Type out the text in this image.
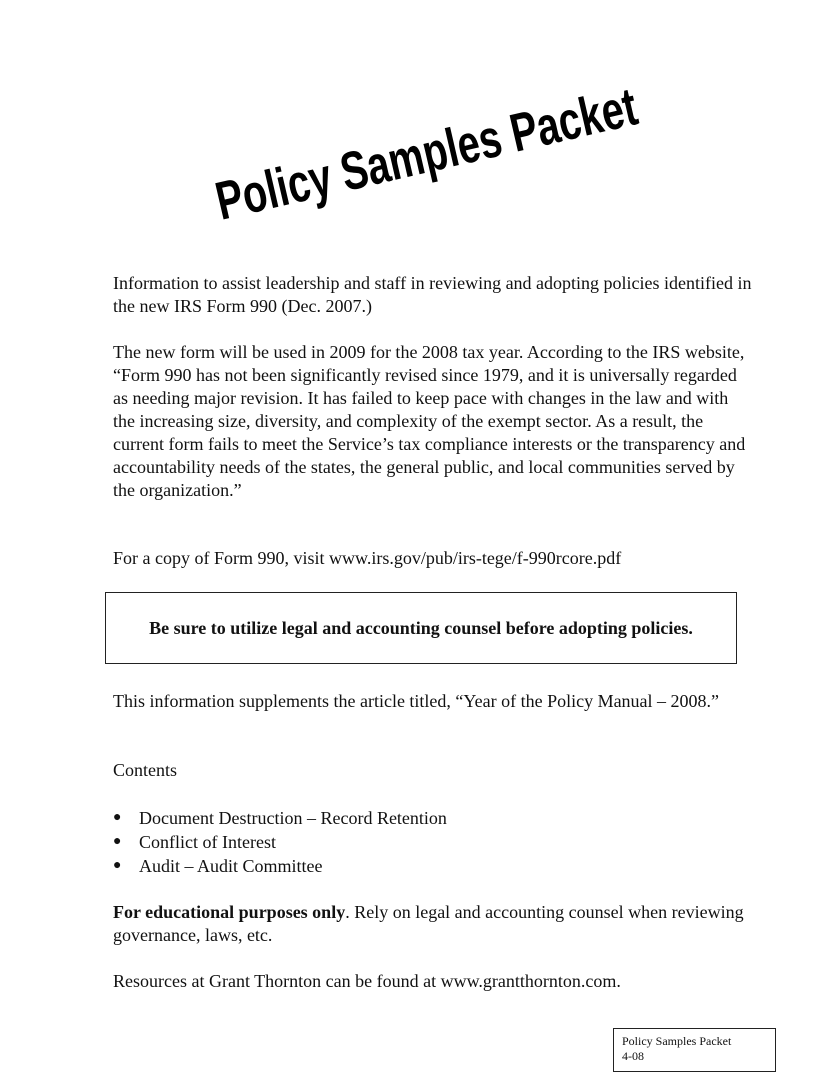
Policy Samples Packet

Information to assist leadership and staff in reviewing and adopting policies identified in the new IRS Form 990 (Dec. 2007.)

The new form will be used in 2009 for the 2008 tax year. According to the IRS website, “Form 990 has not been significantly revised since 1979, and it is universally regarded as needing major revision. It has failed to keep pace with changes in the law and with the increasing size, diversity, and complexity of the exempt sector. As a result, the current form fails to meet the Service’s tax compliance interests or the transparency and accountability needs of the states, the general public, and local communities served by the organization.”

For a copy of Form 990, visit www.irs.gov/pub/irs-tege/f-990rcore.pdf

Be sure to utilize legal and accounting counsel before adopting policies.

This information supplements the article titled, “Year of the Policy Manual – 2008.”

Contents

● Document Destruction – Record Retention
● Conflict of Interest
● Audit – Audit Committee

For educational purposes only. Rely on legal and accounting counsel when reviewing governance, laws, etc.

Resources at Grant Thornton can be found at www.grantthornton.com.

Policy Samples Packet
4-08
